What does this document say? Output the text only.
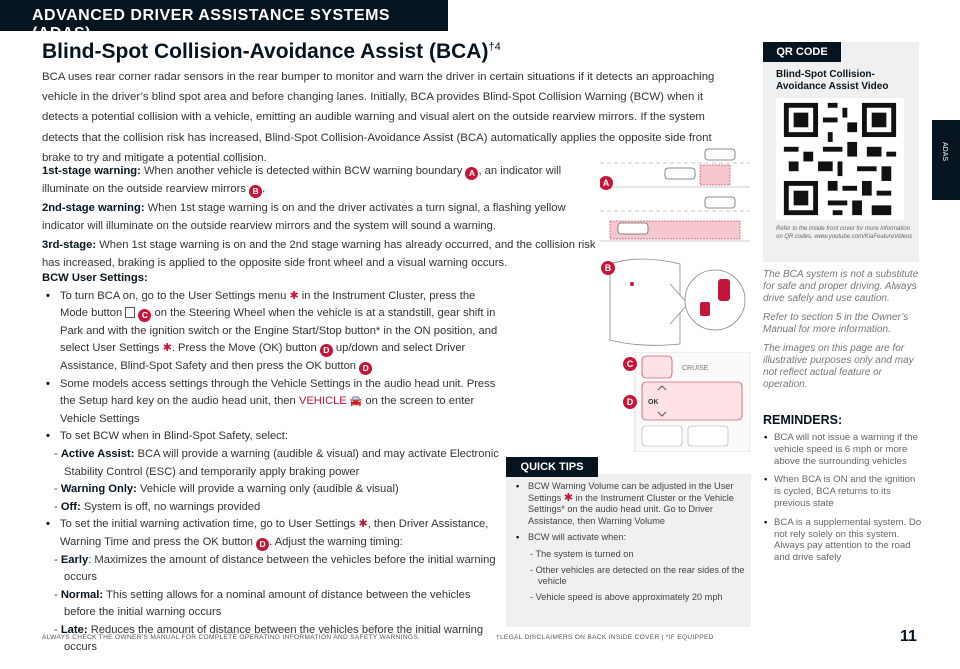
ADVANCED DRIVER ASSISTANCE SYSTEMS (ADAS)
ADAS
Blind-Spot Collision-Avoidance Assist (BCA)$^{\dagger 4}$
BCA uses rear corner radar sensors in the rear bumper to monitor and warn the driver in certain situations if it detects an approaching vehicle in the driver’s blind spot area and before changing lanes. Initially, BCA provides Blind-Spot Collision Warning (BCW) when it detects a potential collision with a vehicle, emitting an audible warning and visual alert on the outside rearview mirrors. If the system detects that the collision risk has increased, Blind-Spot Collision-Avoidance Assist (BCA) automatically applies the opposite side front brake to try and mitigate a potential collision.
1st-stage warning: When another vehicle is detected within BCW warning boundary A , an indicator will illuminate on the outside rearview mirrors B .
2nd-stage warning: When 1st stage warning is on and the driver activates a turn signal, a flashing yellow indicator will illuminate on the outside rearview mirrors and the system will sound a warning.
3rd-stage: When 1st stage warning is on and the 2nd stage warning has already occurred, and the collision risk has increased, braking is applied to the opposite side front wheel and a visual warning occurs.
BCW User Settings:
• To turn BCA on, go to the User Settings menu ✱ in the Instrument Cluster, press the Mode button C on the Steering Wheel when the vehicle is at a standstill, gear shift in Park and with the ignition switch or the Engine Start/Stop button* in the ON position, and select User Settings ✱. Press the Move (OK) button D up/down and select Driver Assistance, Blind-Spot Safety and then press the OK button D
• Some models access settings through the Vehicle Settings in the audio head unit. Press the Setup hard key on the audio head unit, then VEHICLE 🚘 on the screen to enter Vehicle Settings
• To set BCW when in Blind-Spot Safety, select:
- Active Assist: BCA will provide a warning (audible & visual) and may activate Electronic Stability Control (ESC) and temporarily apply braking power
- Warning Only: Vehicle will provide a warning only (audible & visual)
- Off: System is off, no warnings provided
• To set the initial warning activation time, go to User Settings ✱, then Driver Assistance, Warning Time and press the OK button D . Adjust the warning timing:
- Early: Maximizes the amount of distance between the vehicles before the initial warning occurs
- Normal: This setting allows for a nominal amount of distance between the vehicles before the initial warning occurs
- Late: Reduces the amount of distance between the vehicles before the initial warning occurs
A
B
CRUISE
OK
C
D
QR CODE
Blind-Spot Collision-Avoidance Assist Video
Refer to the inside front cover for more information on QR codes. www.youtube.com/KiaFeatureVideos

The BCA system is not a substitute for safe and proper driving. Always drive safely and use caution.

Refer to section 5 in the Owner’s Manual for more information.

The images on this page are for illustrative purposes only and may not reflect actual feature or operation.

REMINDERS:
• BCA will not issue a warning if the vehicle speed is 6 mph or more above the surrounding vehicles
• When BCA is ON and the ignition is cycled, BCA returns to its previous state
• BCA is a supplemental system. Do not rely solely on this system. Always pay attention to the road and drive safely
QUICK TIPS
• BCW Warning Volume can be adjusted in the User Settings ✱ in the Instrument Cluster or the Vehicle Settings* on the audio head unit. Go to Driver Assistance, then Warning Volume
• BCW will activate when:
- The system is turned on
- Other vehicles are detected on the rear sides of the vehicle
- Vehicle speed is above approximately 20 mph
ALWAYS CHECK THE OWNER’S MANUAL FOR COMPLETE OPERATING INFORMATION AND SAFETY WARNINGS.	†LEGAL DISCLAIMERS ON BACK INSIDE COVER | *IF EQUIPPED	11
